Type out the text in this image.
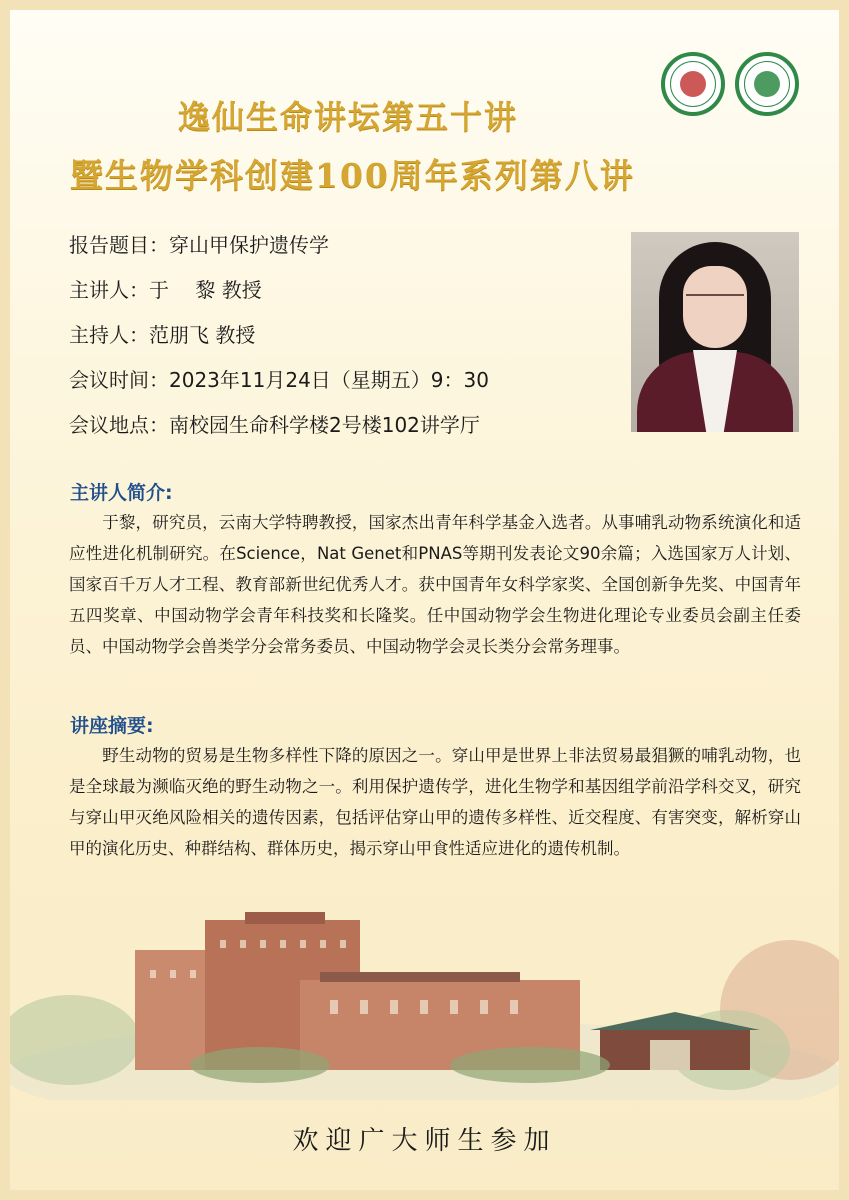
逸仙生命讲坛第五十讲
暨生物学科创建100周年系列第八讲
报告题目：穿山甲保护遗传学
主讲人：于　 黎 教授
主持人：范朋飞 教授
会议时间：2023年11月24日（星期五）9：30
会议地点：南校园生命科学楼2号楼102讲学厅
主讲人简介:
　　于黎，研究员，云南大学特聘教授，国家杰出青年科学基金入选者。从事哺乳动物系统演化和适应性进化机制研究。在Science，Nat Genet和PNAS等期刊发表论文90余篇；入选国家万人计划、国家百千万人才工程、教育部新世纪优秀人才。获中国青年女科学家奖、全国创新争先奖、中国青年五四奖章、中国动物学会青年科技奖和长隆奖。任中国动物学会生物进化理论专业委员会副主任委员、中国动物学会兽类学分会常务委员、中国动物学会灵长类分会常务理事。
讲座摘要:
　　野生动物的贸易是生物多样性下降的原因之一。穿山甲是世界上非法贸易最猖獗的哺乳动物，也是全球最为濒临灭绝的野生动物之一。利用保护遗传学，进化生物学和基因组学前沿学科交叉，研究与穿山甲灭绝风险相关的遗传因素，包括评估穿山甲的遗传多样性、近交程度、有害突变，解析穿山甲的演化历史、种群结构、群体历史，揭示穿山甲食性适应进化的遗传机制。
欢迎广大师生参加
